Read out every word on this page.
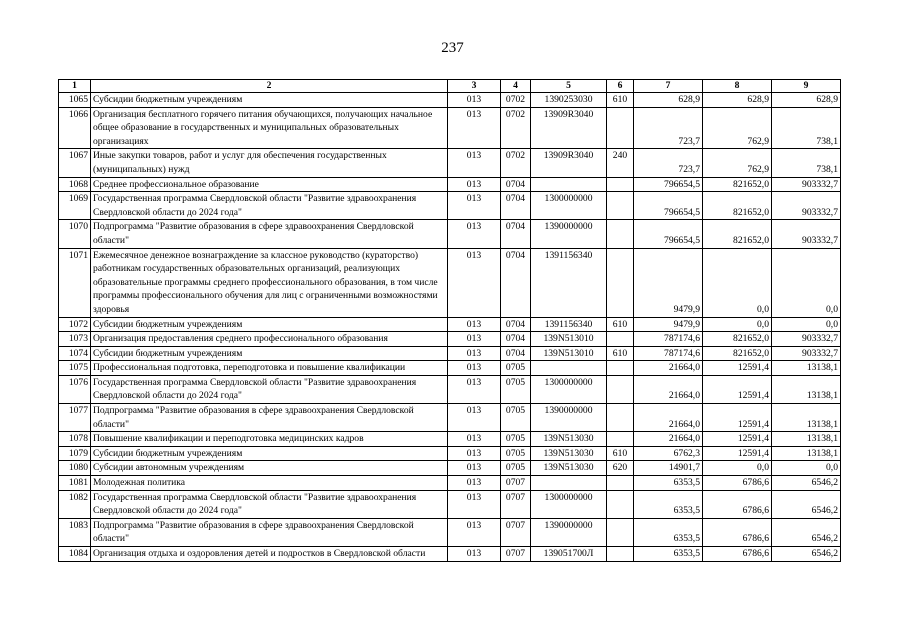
237
1	2	3	4	5	6	7	8	9
1065	Субсидии бюджетным учреждениям	013	0702	1390253030	610	628,9	628,9	628,9
1066	Организация бесплатного горячего питания обучающихся, получающих начальное общее образование в государственных и муниципальных образовательных организациях	013	0702	13909R3040		723,7	762,9	738,1
1067	Иные закупки товаров, работ и услуг для обеспечения государственных (муниципальных) нужд	013	0702	13909R3040	240	723,7	762,9	738,1
1068	Среднее профессиональное образование	013	0704			796654,5	821652,0	903332,7
1069	Государственная программа Свердловской области "Развитие здравоохранения Свердловской области до 2024 года"	013	0704	1300000000		796654,5	821652,0	903332,7
1070	Подпрограмма "Развитие образования в сфере здравоохранения Свердловской области"	013	0704	1390000000		796654,5	821652,0	903332,7
1071	Ежемесячное денежное вознаграждение за классное руководство (кураторство) работникам государственных образовательных организаций, реализующих образовательные программы среднего профессионального образования, в том числе программы профессионального обучения для лиц с ограниченными возможностями здоровья	013	0704	1391156340		9479,9	0,0	0,0
1072	Субсидии бюджетным учреждениям	013	0704	1391156340	610	9479,9	0,0	0,0
1073	Организация предоставления среднего профессионального образования	013	0704	139N513010		787174,6	821652,0	903332,7
1074	Субсидии бюджетным учреждениям	013	0704	139N513010	610	787174,6	821652,0	903332,7
1075	Профессиональная подготовка, переподготовка и повышение квалификации	013	0705			21664,0	12591,4	13138,1
1076	Государственная программа Свердловской области "Развитие здравоохранения Свердловской области до 2024 года"	013	0705	1300000000		21664,0	12591,4	13138,1
1077	Подпрограмма "Развитие образования в сфере здравоохранения Свердловской области"	013	0705	1390000000		21664,0	12591,4	13138,1
1078	Повышение квалификации и переподготовка медицинских кадров	013	0705	139N513030		21664,0	12591,4	13138,1
1079	Субсидии бюджетным учреждениям	013	0705	139N513030	610	6762,3	12591,4	13138,1
1080	Субсидии автономным учреждениям	013	0705	139N513030	620	14901,7	0,0	0,0
1081	Молодежная политика	013	0707			6353,5	6786,6	6546,2
1082	Государственная программа Свердловской области "Развитие здравоохранения Свердловской области до 2024 года"	013	0707	1300000000		6353,5	6786,6	6546,2
1083	Подпрограмма "Развитие образования в сфере здравоохранения Свердловской области"	013	0707	1390000000		6353,5	6786,6	6546,2
1084	Организация отдыха и оздоровления детей и подростков в Свердловской области	013	0707	139051700Л		6353,5	6786,6	6546,2
